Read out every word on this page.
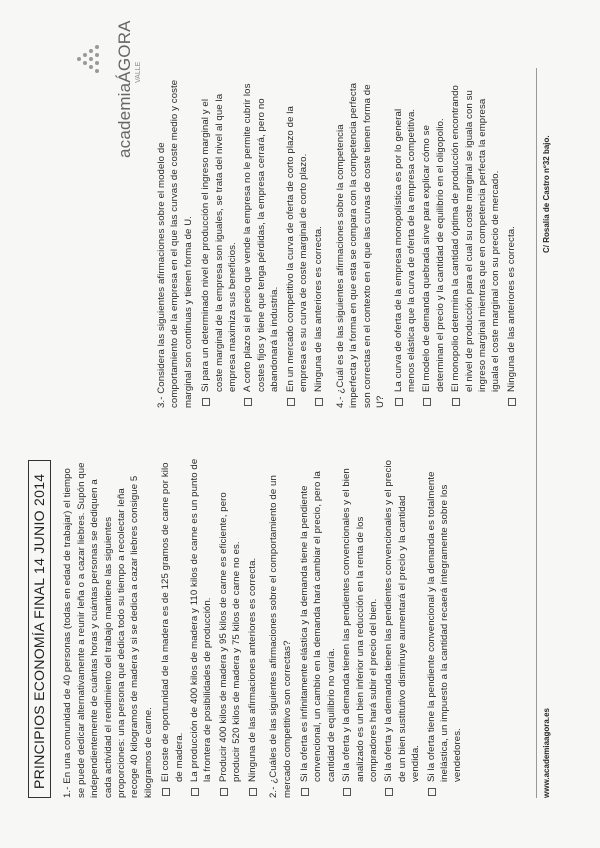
PRINCIPIOS ECONOMÍA FINAL 14 JUNIO 2014	1.- En una comunidad de 40 personas (todas en edad de trabajar) el tiempo se puede dedicar alternativamente a reunir leña o a cazar liebres. Supón que independientemente de cuántas horas y cuántas personas se dediquen a cada actividad el rendimiento del trabajo mantiene las siguientes proporciones: una persona que dedica todo su tiempo a recolectar leña recoge 40 kilogramos de madera y si se dedica a cazar liebres consigue 5 kilogramos de carne. El coste de oportunidad de la madera es de 125 gramos de carne por kilo de madera. La producción de 400 kilos de madera y 110 kilos de carne es un punto de la frontera de posibilidades de producción. Producir 400 kilos de madera y 95 kilos de carne es eficiente, pero producir 520 kilos de madera y 75 kilos de carne no es. Ninguna de las afirmaciones anteriores es correcta. 2.- ¿Cuáles de las siguientes afirmaciones sobre el comportamiento de un mercado competitivo son correctas? Si la oferta es infinitamente elástica y la demanda tiene la pendiente convencional, un cambio en la demanda hará cambiar el precio, pero la cantidad de equilibrio no varía. Si la oferta y la demanda tienen las pendientes convencionales y el bien analizado es un bien inferior una reducción en la renta de los compradores hará subir el precio del bien. Si la oferta y la demanda tienen las pendientes convencionales y el precio de un bien sustitutivo disminuye aumentará el precio y la cantidad vendida. Si la oferta tiene la pendiente convencional y la demanda es totalmente inelástica, un impuesto a la cantidad recaerá íntegramente sobre los vendedores.
3.- Considera las siguientes afirmaciones sobre el modelo de comportamiento de la empresa en el que las curvas de coste medio y coste marginal son continuas y tienen forma de U. Si para un determinado nivel de producción el ingreso marginal y el coste marginal de la empresa son iguales, se trata del nivel al que la empresa maximiza sus beneficios. A corto plazo si el precio que vende la empresa no le permite cubrir los costes fijos y tiene que tenga pérdidas, la empresa cerrará, pero no abandonará la industria. En un mercado competitivo la curva de oferta de corto plazo de la empresa es su curva de coste marginal de corto plazo. Ninguna de las anteriores es correcta. 4.- ¿Cuál es de las siguientes afirmaciones sobre la competencia imperfecta y la forma en que esta se compara con la competencia perfecta son correctas en el contexto en el que las curvas de coste tienen forma de U?
La curva de oferta de la empresa monopolística es por lo general menos elástica que la curva de oferta de la empresa competitiva. El modelo de demanda quebrada sirve para explicar cómo se determinan el precio y la cantidad de equilibrio en el oligopolio. El monopolio determina la cantidad óptima de producción encontrando el nivel de producción para el cual su coste marginal se iguala con su ingreso marginal mientras que en competencia perfecta la empresa iguala el coste marginal con su precio de mercado. Ninguna de las anteriores es correcta.
academiaÁGORA VALLE
www.academiaagora.es
C/ Rosalía de Castro nº32 bajo.
